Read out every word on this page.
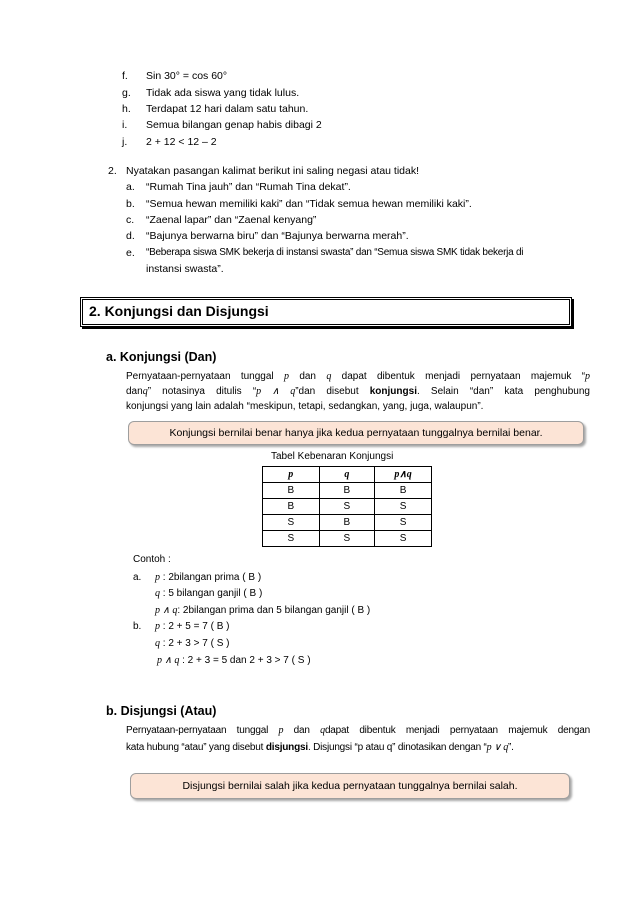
f. Sin 30° = cos 60°
g. Tidak ada siswa yang tidak lulus.
h. Terdapat 12 hari dalam satu tahun.
i. Semua bilangan genap habis dibagi 2
j. 2 + 12 < 12 – 2
2. Nyatakan pasangan kalimat berikut ini saling negasi atau tidak!
a. “Rumah Tina jauh” dan “Rumah Tina dekat”.
b. “Semua hewan memiliki kaki” dan “Tidak semua hewan memiliki kaki”.
c. “Zaenal lapar” dan “Zaenal kenyang”
d. “Bajunya berwarna biru” dan “Bajunya berwarna merah”.
e. “Beberapa siswa SMK bekerja di instansi swasta” dan “Semua siswa SMK tidak bekerja di
instansi swasta”.
2. Konjungsi dan Disjungsi
a. Konjungsi (Dan)
Pernyataan-pernyataan tunggal p dan q dapat dibentuk menjadi pernyataan majemuk “p
danq” notasinya ditulis “p ∧ q”dan disebut konjungsi. Selain “dan” kata penghubung
konjungsi yang lain adalah “meskipun, tetapi, sedangkan, yang, juga, walaupun”.
Konjungsi bernilai benar hanya jika kedua pernyataan tunggalnya bernilai benar.
Tabel Kebenaran Konjungsi
p	q	p∧q
B	B	B
B	S	S
S	B	S
S	S	S
Contoh :
a. p : 2bilangan prima ( B )
q : 5 bilangan ganjil ( B )
p ∧ q: 2bilangan prima dan 5 bilangan ganjil ( B )
b. p : 2 + 5 = 7 ( B )
q : 2 + 3 > 7 ( S )
p ∧ q : 2 + 3 = 5 dan 2 + 3 > 7 ( S )
b. Disjungsi (Atau)
Pernyataan-pernyataan tunggal p dan qdapat dibentuk menjadi pernyataan majemuk dengan
kata hubung “atau” yang disebut disjungsi. Disjungsi “p atau q” dinotasikan dengan “p ∨ q”.
Disjungsi bernilai salah jika kedua pernyataan tunggalnya bernilai salah.
